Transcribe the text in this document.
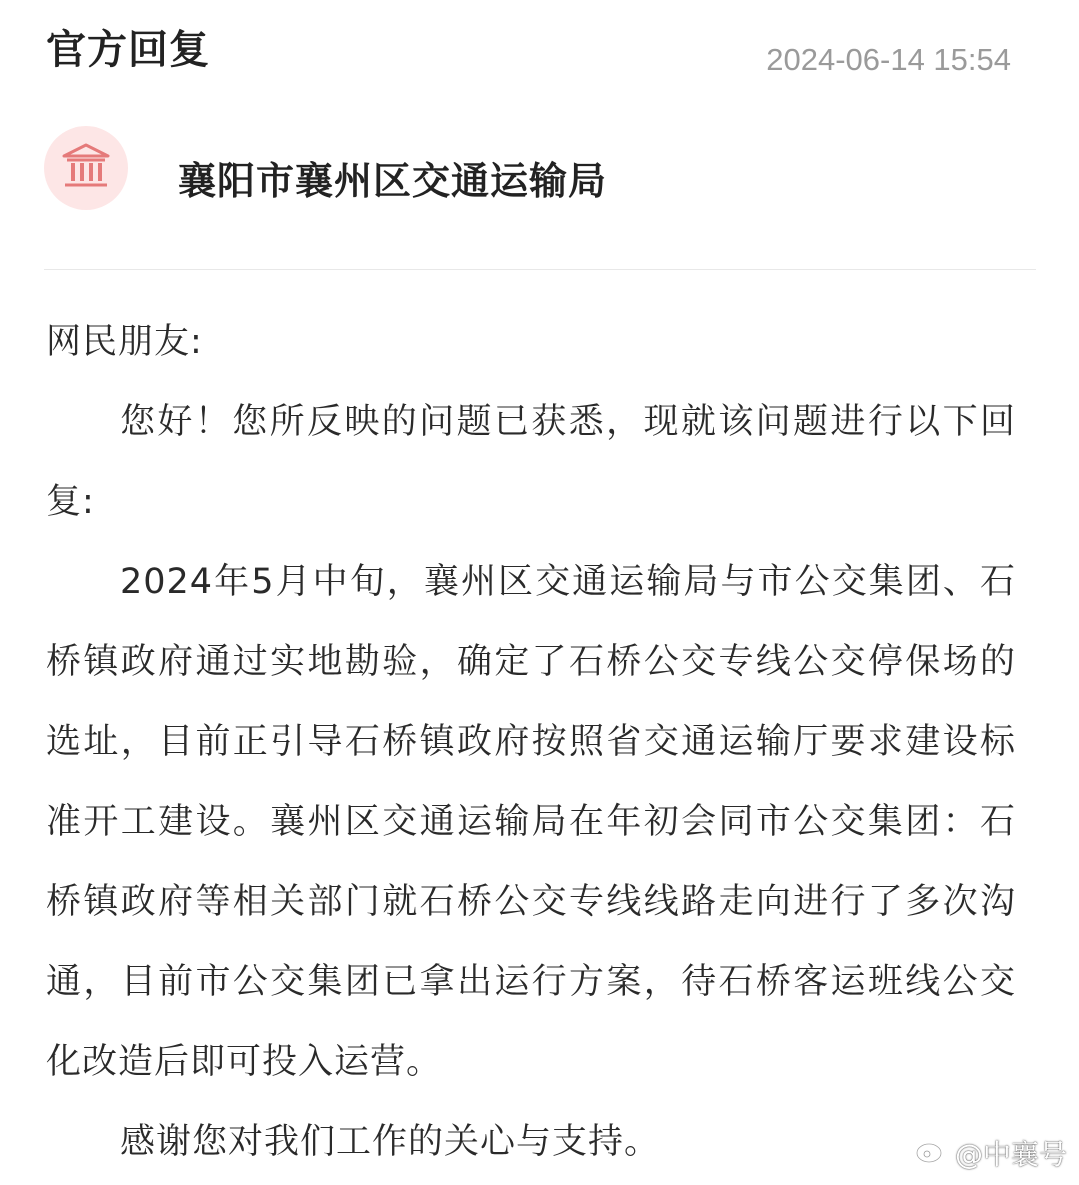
官方回复	2024-06-14 15:54
襄阳市襄州区交通运输局

网民朋友:

您好！您所反映的问题已获悉，现就该问题进行以下回复:

2024年5月中旬，襄州区交通运输局与市公交集团、石桥镇政府通过实地勘验，确定了石桥公交专线公交停保场的选址，目前正引导石桥镇政府按照省交通运输厅要求建设标准开工建设。襄州区交通运输局在年初会同市公交集团：石桥镇政府等相关部门就石桥公交专线线路走向进行了多次沟通，目前市公交集团已拿出运行方案，待石桥客运班线公交化改造后即可投入运营。

感谢您对我们工作的关心与支持。	@中襄号
